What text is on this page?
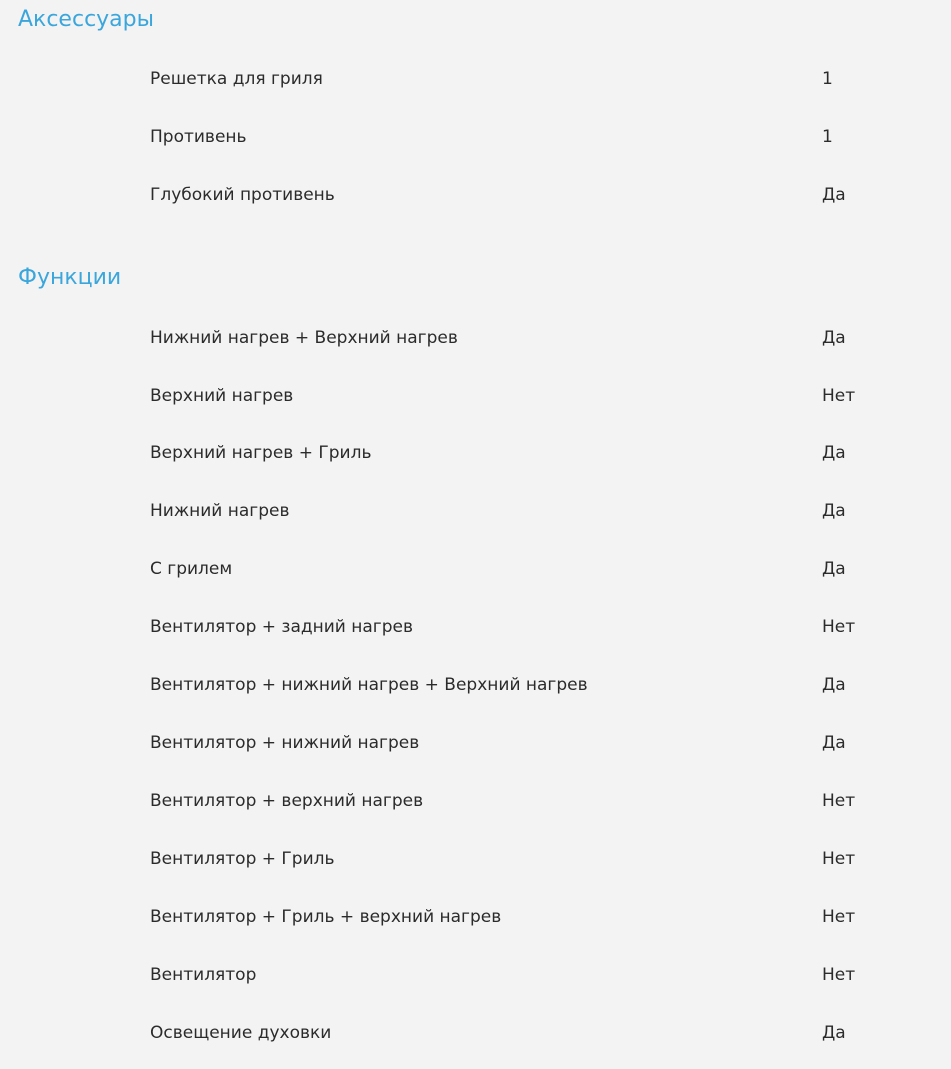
Аксессуары
Решетка для гриля	1
Противень	1
Глубокий противень	Да
Функции
Нижний нагрев + Верхний нагрев	Да
Верхний нагрев	Нет
Верхний нагрев + Гриль	Да
Нижний нагрев	Да
С грилем	Да
Вентилятор + задний нагрев	Нет
Вентилятор + нижний нагрев + Верхний нагрев	Да
Вентилятор + нижний нагрев	Да
Вентилятор + верхний нагрев	Нет
Вентилятор + Гриль	Нет
Вентилятор + Гриль + верхний нагрев	Нет
Вентилятор	Нет
Освещение духовки	Да
